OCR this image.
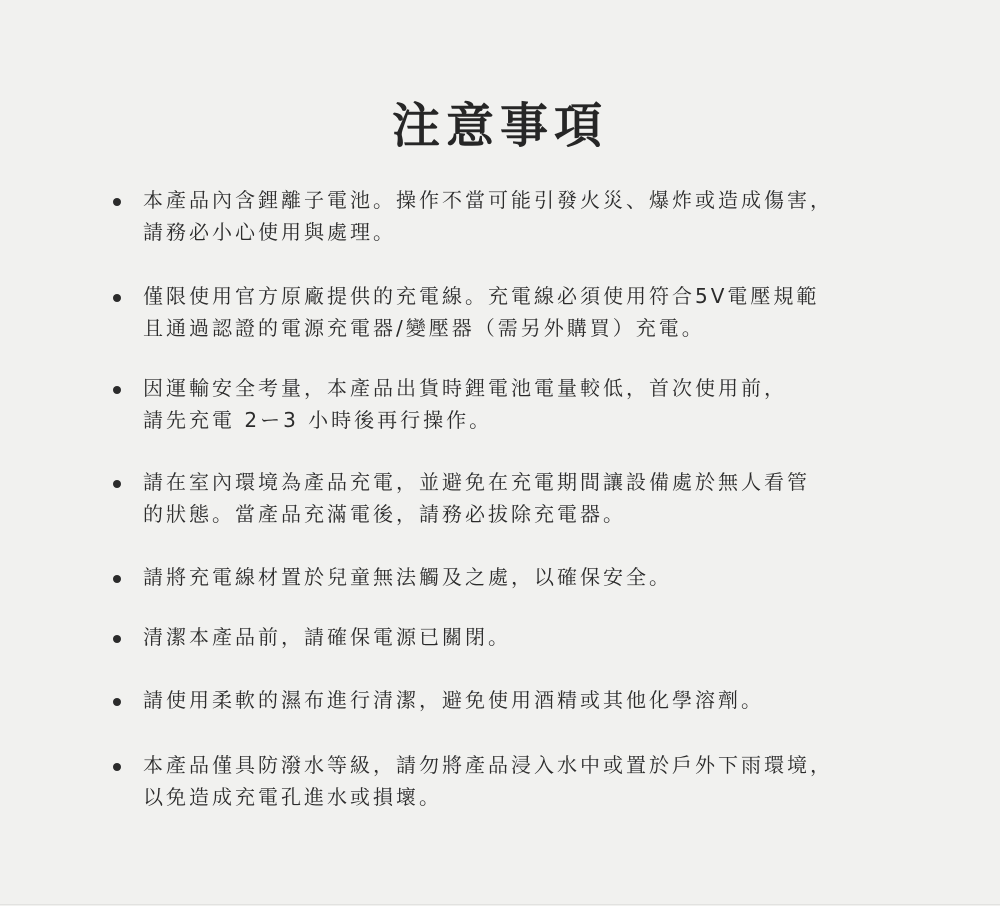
注意事項
本產品內含鋰離子電池。操作不當可能引發火災、爆炸或造成傷害，
請務必小心使用與處理。
僅限使用官方原廠提供的充電線。充電線必須使用符合5V電壓規範
且通過認證的電源充電器/變壓器（需另外購買）充電。
因運輸安全考量，本產品出貨時鋰電池電量較低，首次使用前，
請先充電 2ー3 小時後再行操作。
請在室內環境為產品充電，並避免在充電期間讓設備處於無人看管
的狀態。當產品充滿電後，請務必拔除充電器。
請將充電線材置於兒童無法觸及之處，以確保安全。
清潔本產品前，請確保電源已關閉。
請使用柔軟的濕布進行清潔，避免使用酒精或其他化學溶劑。
本產品僅具防潑水等級，請勿將產品浸入水中或置於戶外下雨環境，
以免造成充電孔進水或損壞。
